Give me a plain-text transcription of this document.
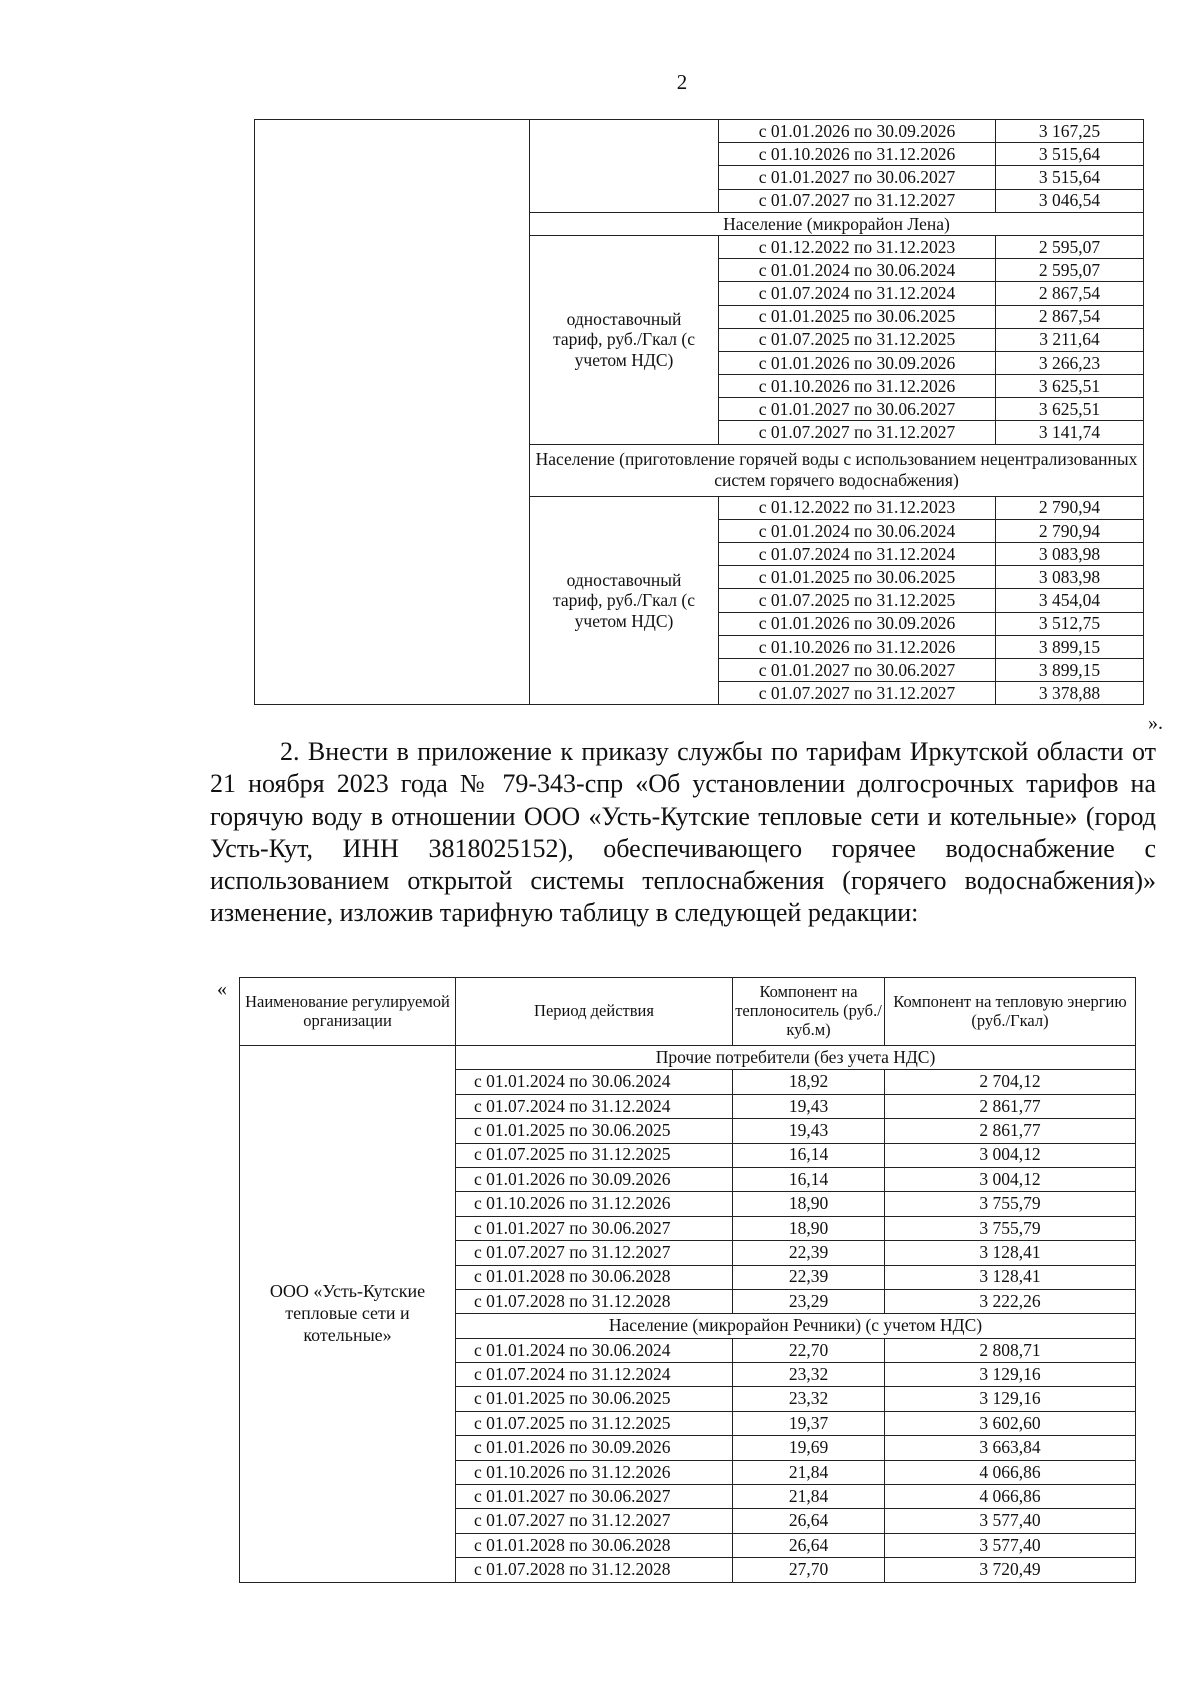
2
		с 01.01.2026 по 30.09.2026	3 167,25
		с 01.10.2026 по 31.12.2026	3 515,64
		с 01.01.2027 по 30.06.2027	3 515,64
		с 01.07.2027 по 31.12.2027	3 046,54
	Население (микрорайон Лена)		
	одноставочный тариф, руб./Гкал (с учетом НДС)	с 01.12.2022 по 31.12.2023	2 595,07
		с 01.01.2024 по 30.06.2024	2 595,07
		с 01.07.2024 по 31.12.2024	2 867,54
		с 01.01.2025 по 30.06.2025	2 867,54
		с 01.07.2025 по 31.12.2025	3 211,64
		с 01.01.2026 по 30.09.2026	3 266,23
		с 01.10.2026 по 31.12.2026	3 625,51
		с 01.01.2027 по 30.06.2027	3 625,51
		с 01.07.2027 по 31.12.2027	3 141,74
	Население (приготовление горячей воды с использованием нецентрализованных систем горячего водоснабжения)		
	одноставочный тариф, руб./Гкал (с учетом НДС)	с 01.12.2022 по 31.12.2023	2 790,94
		с 01.01.2024 по 30.06.2024	2 790,94
		с 01.07.2024 по 31.12.2024	3 083,98
		с 01.01.2025 по 30.06.2025	3 083,98
		с 01.07.2025 по 31.12.2025	3 454,04
		с 01.01.2026 по 30.09.2026	3 512,75
		с 01.10.2026 по 31.12.2026	3 899,15
		с 01.01.2027 по 30.06.2027	3 899,15
		с 01.07.2027 по 31.12.2027	3 378,88
».
2. Внести в приложение к приказу службы по тарифам Иркутской области от 21 ноября 2023 года № 79-343-спр «Об установлении долгосрочных тарифов на горячую воду в отношении ООО «Усть-Кутские тепловые сети и котельные» (город Усть-Кут, ИНН 3818025152), обеспечивающего горячее водоснабжение с использованием открытой системы теплоснабжения (горячего водоснабжения)» изменение, изложив тарифную таблицу в следующей редакции:
«
Наименование регулируемой организации	Период действия	Компонент на теплоноситель (руб./куб.м)	Компонент на тепловую энергию (руб./Гкал)
ООО «Усть-Кутские тепловые сети и котельные»	Прочие потребители (без учета НДС)		
	с 01.01.2024 по 30.06.2024	18,92	2 704,12
	с 01.07.2024 по 31.12.2024	19,43	2 861,77
	с 01.01.2025 по 30.06.2025	19,43	2 861,77
	с 01.07.2025 по 31.12.2025	16,14	3 004,12
	с 01.01.2026 по 30.09.2026	16,14	3 004,12
	с 01.10.2026 по 31.12.2026	18,90	3 755,79
	с 01.01.2027 по 30.06.2027	18,90	3 755,79
	с 01.07.2027 по 31.12.2027	22,39	3 128,41
	с 01.01.2028 по 30.06.2028	22,39	3 128,41
	с 01.07.2028 по 31.12.2028	23,29	3 222,26
	Население (микрорайон Речники) (с учетом НДС)		
	с 01.01.2024 по 30.06.2024	22,70	2 808,71
	с 01.07.2024 по 31.12.2024	23,32	3 129,16
	с 01.01.2025 по 30.06.2025	23,32	3 129,16
	с 01.07.2025 по 31.12.2025	19,37	3 602,60
	с 01.01.2026 по 30.09.2026	19,69	3 663,84
	с 01.10.2026 по 31.12.2026	21,84	4 066,86
	с 01.01.2027 по 30.06.2027	21,84	4 066,86
	с 01.07.2027 по 31.12.2027	26,64	3 577,40
	с 01.01.2028 по 30.06.2028	26,64	3 577,40
	с 01.07.2028 по 31.12.2028	27,70	3 720,49
